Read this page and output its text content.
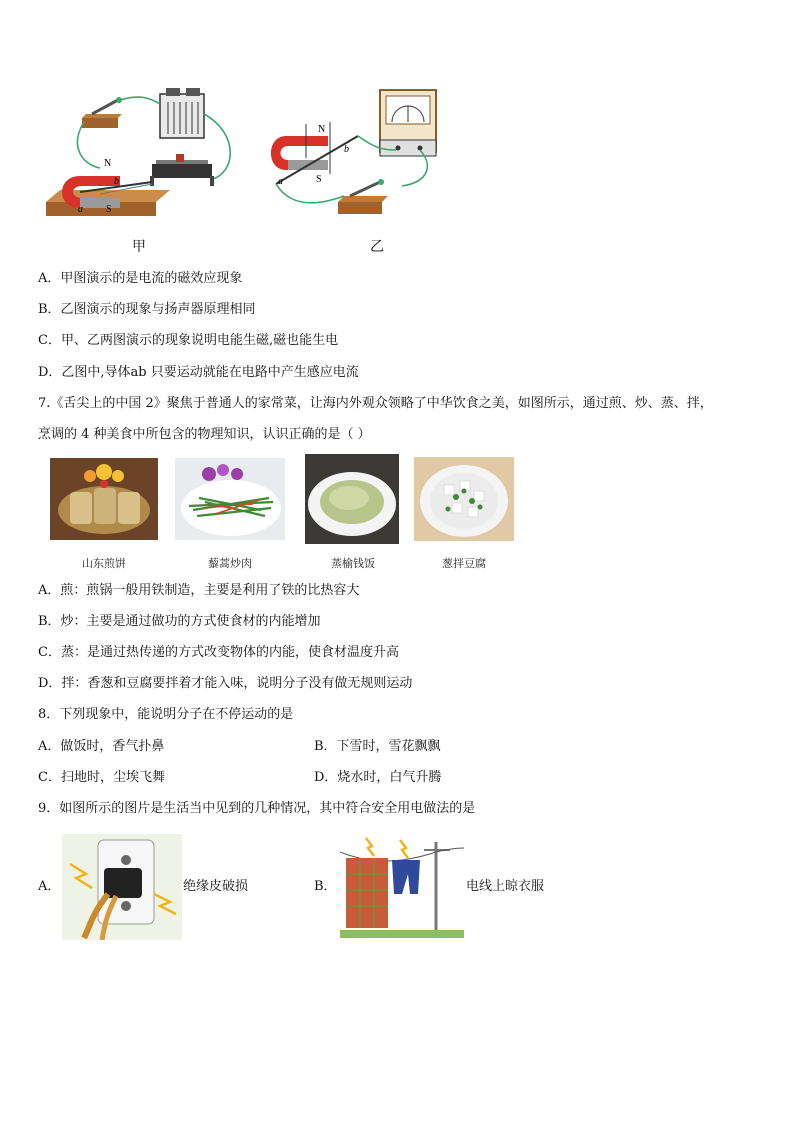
N
S
b
a
甲
N
S
b
a
乙
A．甲图演示的是电流的磁效应现象
B．乙图演示的现象与扬声器原理相同
C．甲、乙两图演示的现象说明电能生磁,磁也能生电
D．乙图中,导体ab 只要运动就能在电路中产生感应电流
7.《舌尖上的中国 2》聚焦于普通人的家常菜，让海内外观众领略了中华饮食之美，如图所示，通过煎、炒、蒸、拌，
烹调的 4 种美食中所包含的物理知识，认识正确的是（ ）
山东煎饼	藜蒿炒肉	蒸榆钱饭	葱拌豆腐
A．煎：煎锅一般用铁制造，主要是利用了铁的比热容大
B．炒：主要是通过做功的方式使食材的内能增加
C．蒸：是通过热传递的方式改变物体的内能，使食材温度升高
D．拌：香葱和豆腐要拌着才能入味，说明分子没有做无规则运动
8．下列现象中，能说明分子在不停运动的是
A．做饭时，香气扑鼻	B．下雪时，雪花飘飘
C．扫地时，尘埃飞舞	D．烧水时，白气升腾
9．如图所示的图片是生活当中见到的几种情况，其中符合安全用电做法的是
A．	绝缘皮破损	B．	电线上晾衣服
